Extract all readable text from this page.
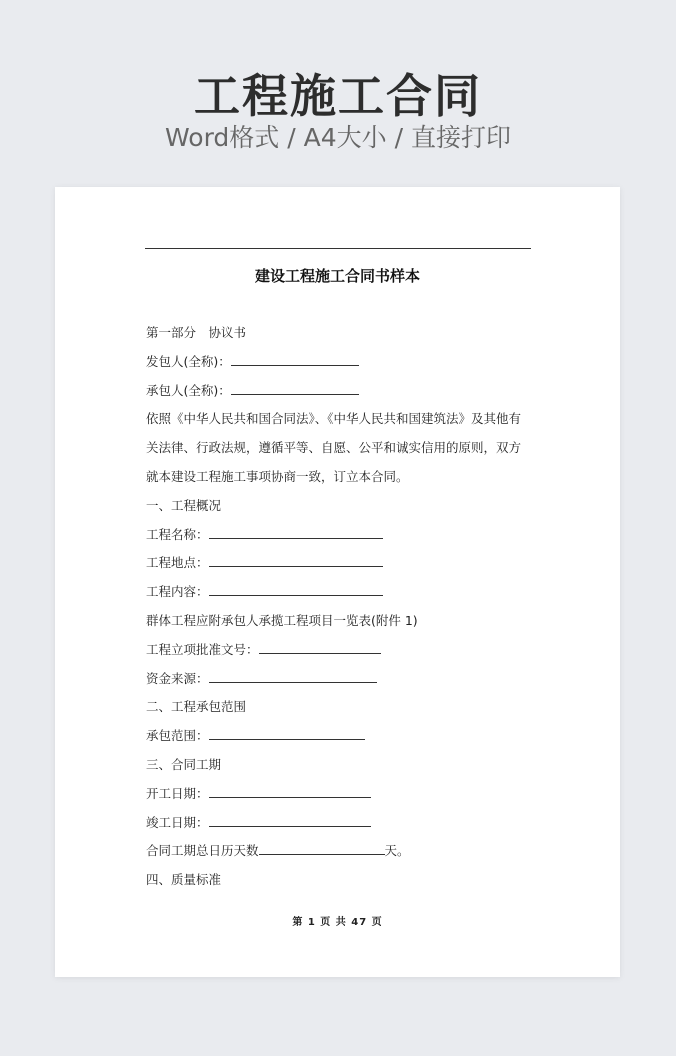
工程施工合同
Word格式 / A4大小 / 直接打印
建设工程施工合同书样本
第一部分　协议书
发包人(全称)：
承包人(全称)：
依照《中华人民共和国合同法》、《中华人民共和国建筑法》及其他有
关法律、行政法规，遵循平等、自愿、公平和诚实信用的原则，双方
就本建设工程施工事项协商一致，订立本合同。
一、工程概况
工程名称：
工程地点：
工程内容：
群体工程应附承包人承揽工程项目一览表(附件 1)
工程立项批准文号：
资金来源：
二、工程承包范围
承包范围：
三、合同工期
开工日期：
竣工日期：
合同工期总日历天数	天。
四、质量标准
第 1 页 共 47 页
